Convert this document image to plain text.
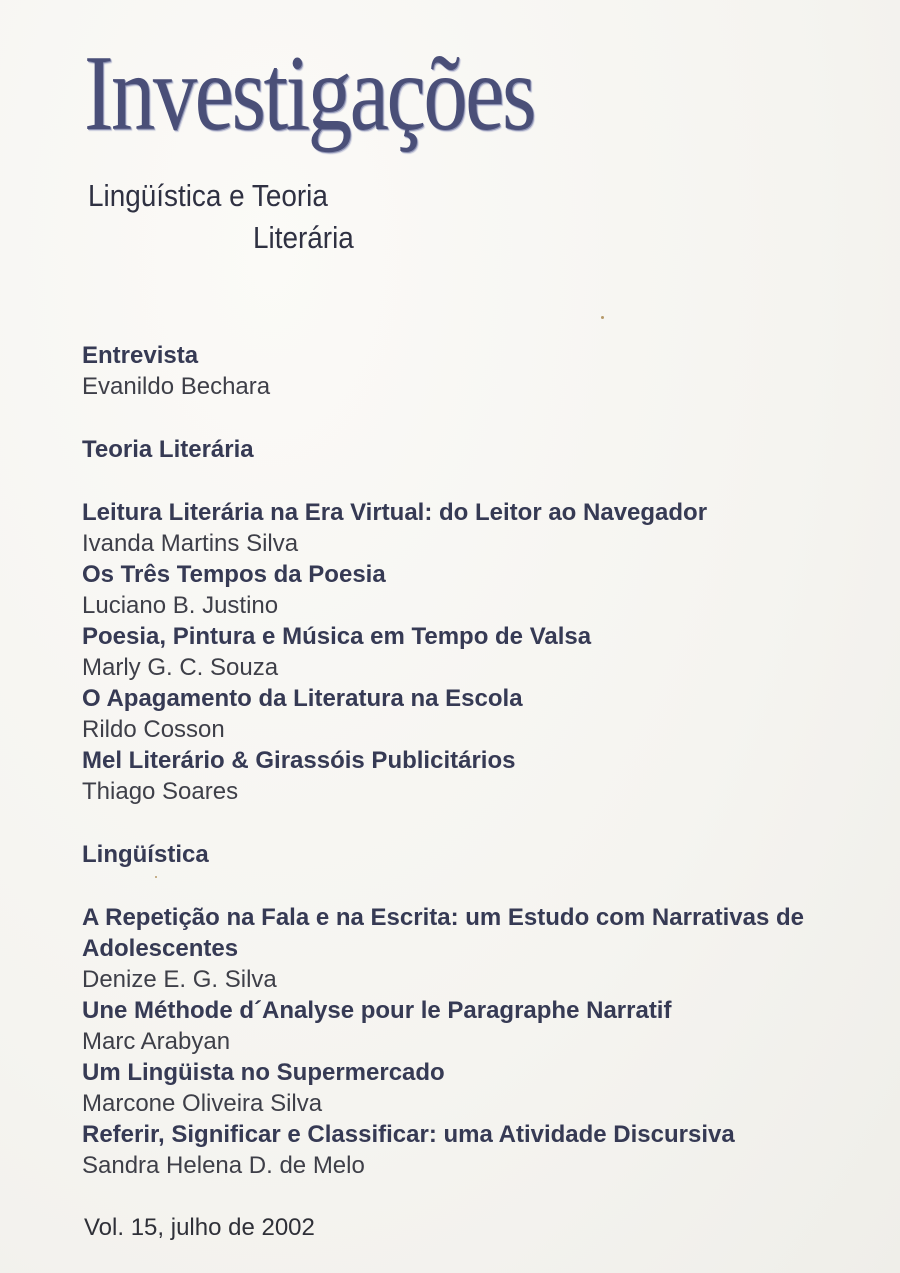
Investigações
Lingüística e Teoria
Literária
Entrevista
Evanildo Bechara
Teoria Literária
Leitura Literária na Era Virtual: do Leitor ao Navegador
Ivanda Martins Silva
Os Três Tempos da Poesia
Luciano B. Justino
Poesia, Pintura e Música em Tempo de Valsa
Marly G. C. Souza
O Apagamento da Literatura na Escola
Rildo Cosson
Mel Literário & Girassóis Publicitários
Thiago Soares
Lingüística
A Repetição na Fala e na Escrita: um Estudo com Narrativas de Adolescentes
Denize E. G. Silva
Une Méthode d´Analyse pour le Paragraphe Narratif
Marc Arabyan
Um Lingüista no Supermercado
Marcone Oliveira Silva
Referir, Significar e Classificar: uma Atividade Discursiva
Sandra Helena D. de Melo
Vol. 15, julho de 2002
